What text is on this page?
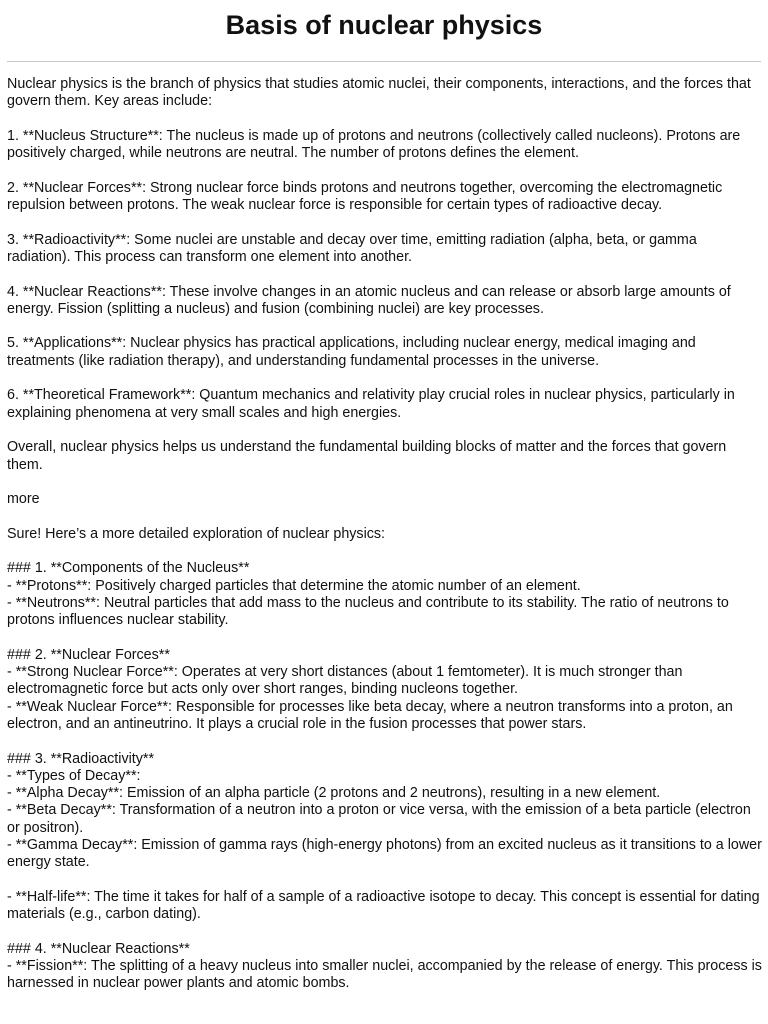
Basis of nuclear physics

Nuclear physics is the branch of physics that studies atomic nuclei, their components, interactions, and the forces that govern them. Key areas include:

1. **Nucleus Structure**: The nucleus is made up of protons and neutrons (collectively called nucleons). Protons are positively charged, while neutrons are neutral. The number of protons defines the element.

2. **Nuclear Forces**: Strong nuclear force binds protons and neutrons together, overcoming the electromagnetic repulsion between protons. The weak nuclear force is responsible for certain types of radioactive decay.

3. **Radioactivity**: Some nuclei are unstable and decay over time, emitting radiation (alpha, beta, or gamma radiation). This process can transform one element into another.

4. **Nuclear Reactions**: These involve changes in an atomic nucleus and can release or absorb large amounts of energy. Fission (splitting a nucleus) and fusion (combining nuclei) are key processes.

5. **Applications**: Nuclear physics has practical applications, including nuclear energy, medical imaging and treatments (like radiation therapy), and understanding fundamental processes in the universe.

6. **Theoretical Framework**: Quantum mechanics and relativity play crucial roles in nuclear physics, particularly in explaining phenomena at very small scales and high energies.

Overall, nuclear physics helps us understand the fundamental building blocks of matter and the forces that govern them.

more

Sure! Here’s a more detailed exploration of nuclear physics:

### 1. **Components of the Nucleus**
- **Protons**: Positively charged particles that determine the atomic number of an element.
- **Neutrons**: Neutral particles that add mass to the nucleus and contribute to its stability. The ratio of neutrons to protons influences nuclear stability.

### 2. **Nuclear Forces**
- **Strong Nuclear Force**: Operates at very short distances (about 1 femtometer). It is much stronger than electromagnetic force but acts only over short ranges, binding nucleons together.
- **Weak Nuclear Force**: Responsible for processes like beta decay, where a neutron transforms into a proton, an electron, and an antineutrino. It plays a crucial role in the fusion processes that power stars.

### 3. **Radioactivity**
- **Types of Decay**:
- **Alpha Decay**: Emission of an alpha particle (2 protons and 2 neutrons), resulting in a new element.
- **Beta Decay**: Transformation of a neutron into a proton or vice versa, with the emission of a beta particle (electron or positron).
- **Gamma Decay**: Emission of gamma rays (high-energy photons) from an excited nucleus as it transitions to a lower energy state.

- **Half-life**: The time it takes for half of a sample of a radioactive isotope to decay. This concept is essential for dating materials (e.g., carbon dating).

### 4. **Nuclear Reactions**
- **Fission**: The splitting of a heavy nucleus into smaller nuclei, accompanied by the release of energy. This process is harnessed in nuclear power plants and atomic bombs.
